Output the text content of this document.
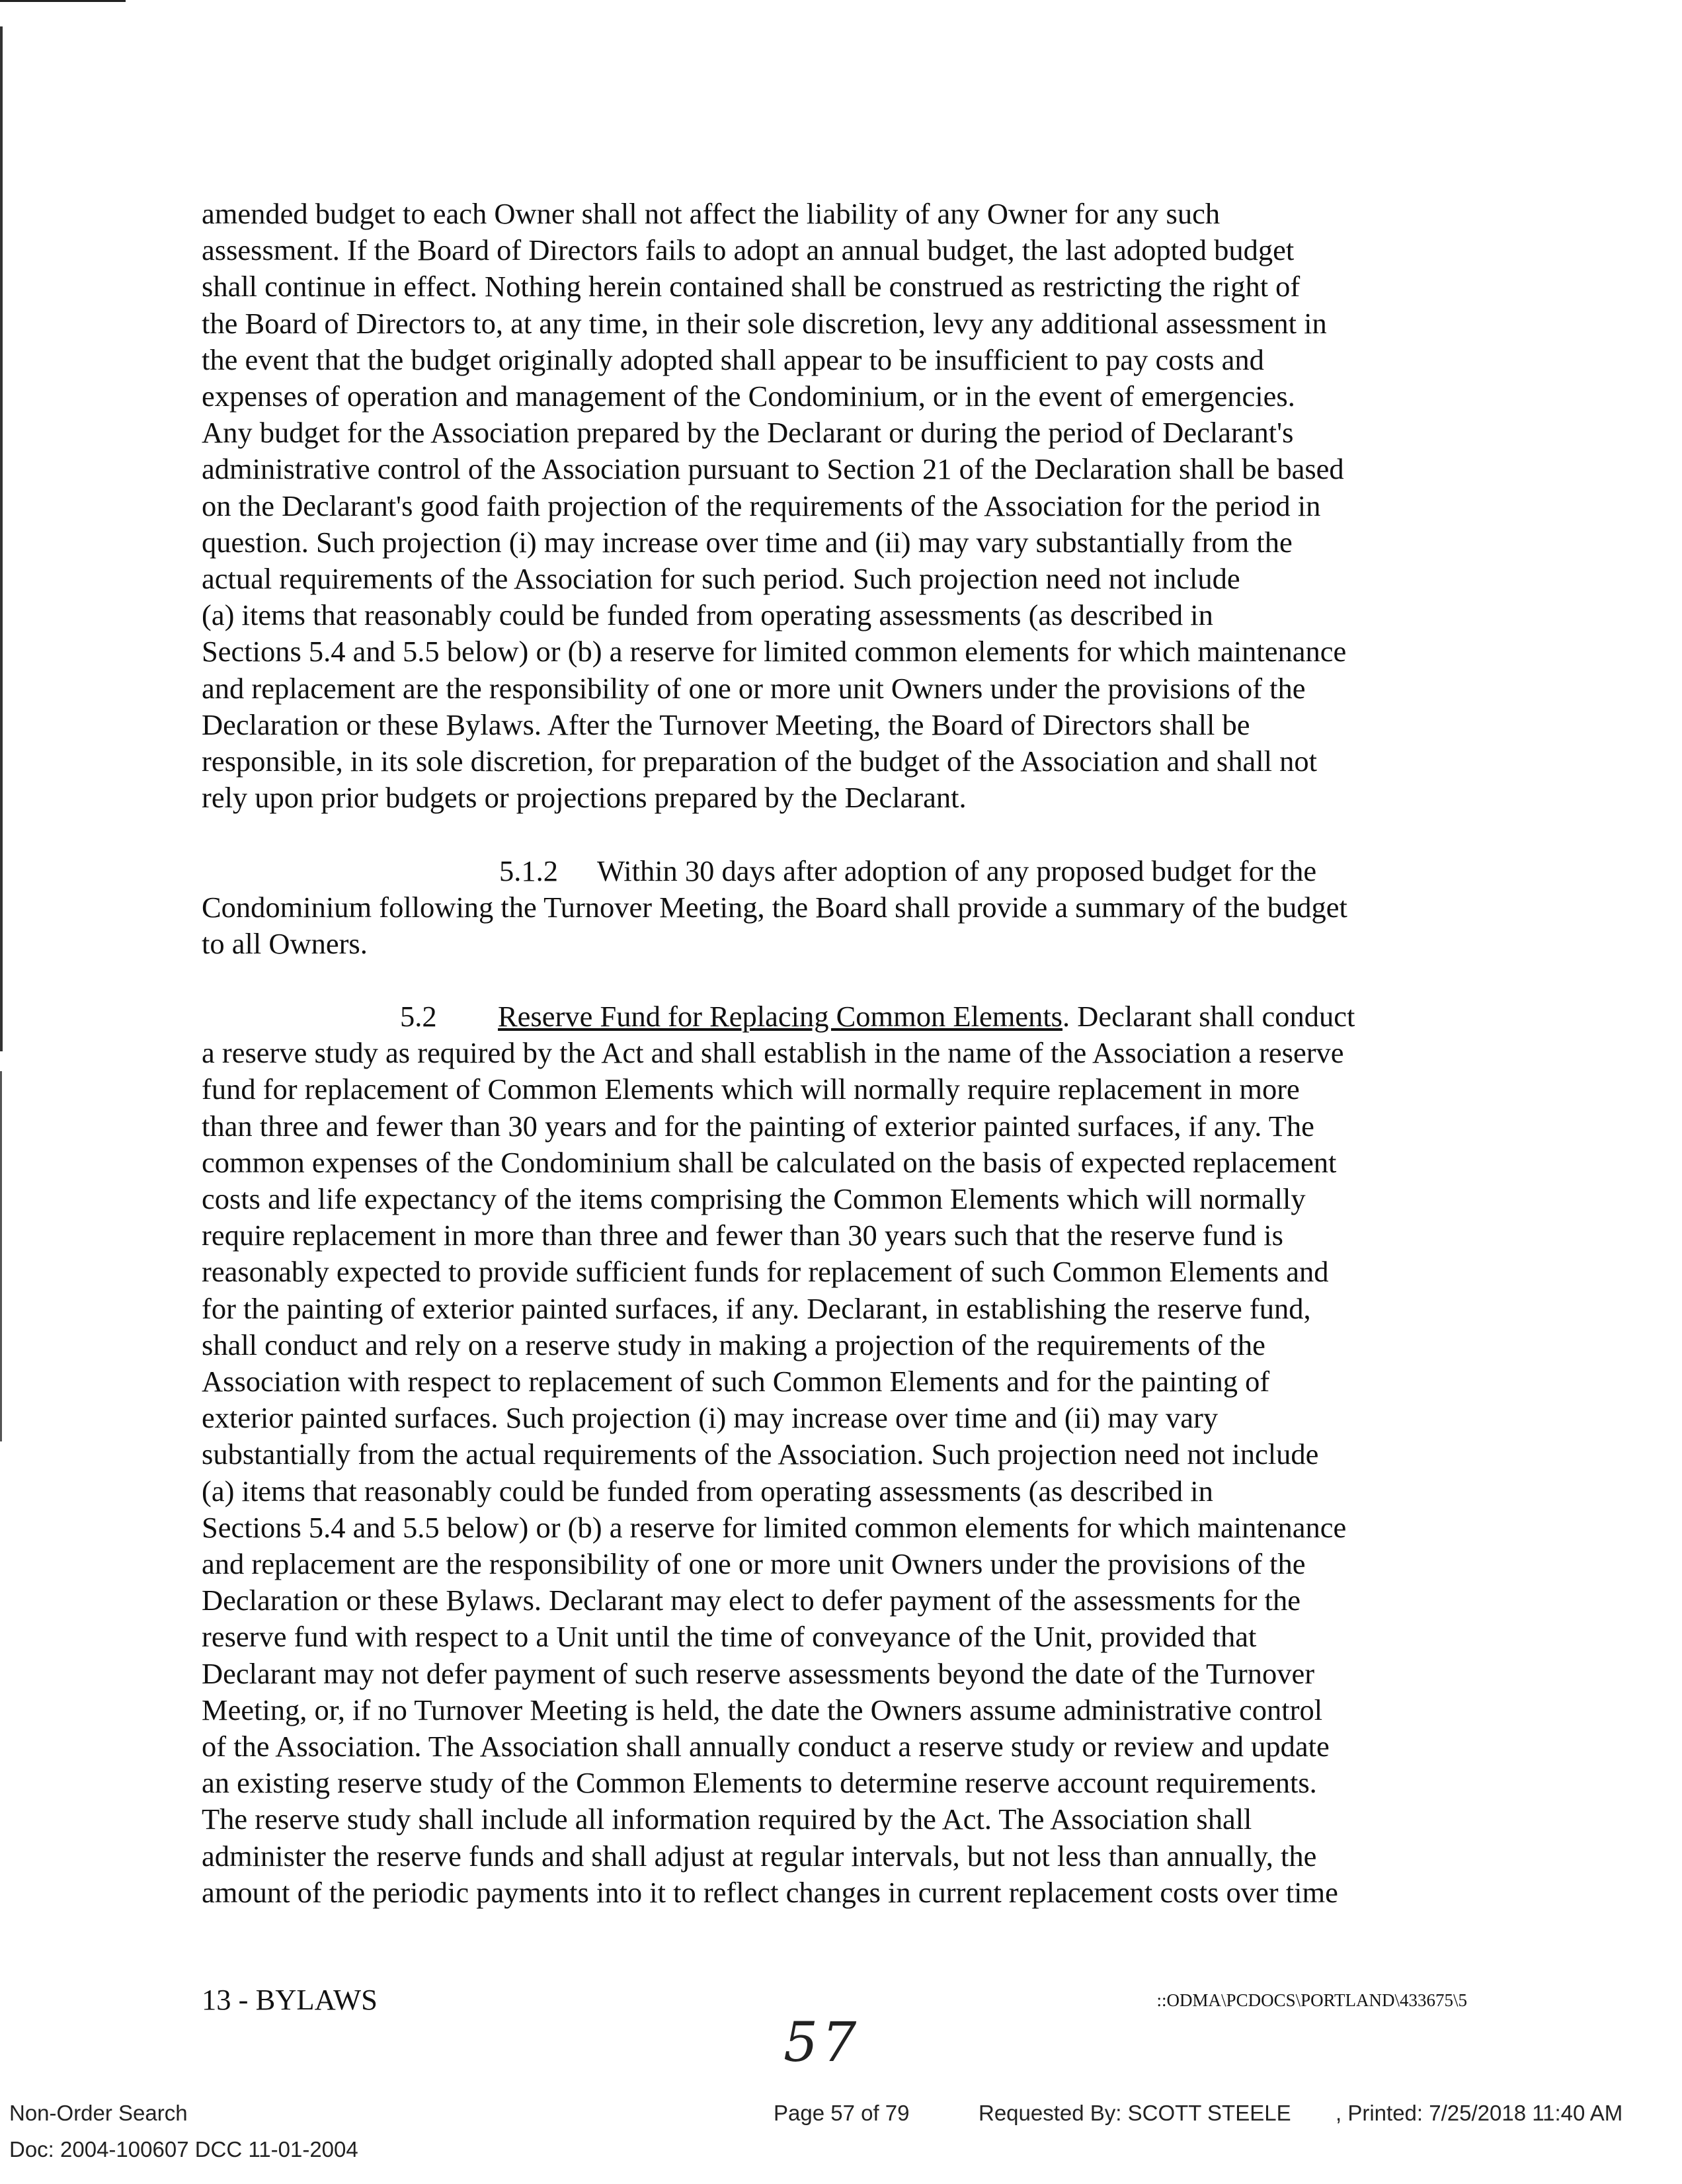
amended budget to each Owner shall not affect the liability of any Owner for any such
assessment. If the Board of Directors fails to adopt an annual budget, the last adopted budget
shall continue in effect. Nothing herein contained shall be construed as restricting the right of
the Board of Directors to, at any time, in their sole discretion, levy any additional assessment in
the event that the budget originally adopted shall appear to be insufficient to pay costs and
expenses of operation and management of the Condominium, or in the event of emergencies.
Any budget for the Association prepared by the Declarant or during the period of Declarant's
administrative control of the Association pursuant to Section 21 of the Declaration shall be based
on the Declarant's good faith projection of the requirements of the Association for the period in
question. Such projection (i) may increase over time and (ii) may vary substantially from the
actual requirements of the Association for such period. Such projection need not include
(a) items that reasonably could be funded from operating assessments (as described in
Sections 5.4 and 5.5 below) or (b) a reserve for limited common elements for which maintenance
and replacement are the responsibility of one or more unit Owners under the provisions of the
Declaration or these Bylaws. After the Turnover Meeting, the Board of Directors shall be
responsible, in its sole discretion, for preparation of the budget of the Association and shall not
rely upon prior budgets or projections prepared by the Declarant.
5.1.2 Within 30 days after adoption of any proposed budget for the
Condominium following the Turnover Meeting, the Board shall provide a summary of the budget
to all Owners.
5.2 Reserve Fund for Replacing Common Elements. Declarant shall conduct
a reserve study as required by the Act and shall establish in the name of the Association a reserve
fund for replacement of Common Elements which will normally require replacement in more
than three and fewer than 30 years and for the painting of exterior painted surfaces, if any. The
common expenses of the Condominium shall be calculated on the basis of expected replacement
costs and life expectancy of the items comprising the Common Elements which will normally
require replacement in more than three and fewer than 30 years such that the reserve fund is
reasonably expected to provide sufficient funds for replacement of such Common Elements and
for the painting of exterior painted surfaces, if any. Declarant, in establishing the reserve fund,
shall conduct and rely on a reserve study in making a projection of the requirements of the
Association with respect to replacement of such Common Elements and for the painting of
exterior painted surfaces. Such projection (i) may increase over time and (ii) may vary
substantially from the actual requirements of the Association. Such projection need not include
(a) items that reasonably could be funded from operating assessments (as described in
Sections 5.4 and 5.5 below) or (b) a reserve for limited common elements for which maintenance
and replacement are the responsibility of one or more unit Owners under the provisions of the
Declaration or these Bylaws. Declarant may elect to defer payment of the assessments for the
reserve fund with respect to a Unit until the time of conveyance of the Unit, provided that
Declarant may not defer payment of such reserve assessments beyond the date of the Turnover
Meeting, or, if no Turnover Meeting is held, the date the Owners assume administrative control
of the Association. The Association shall annually conduct a reserve study or review and update
an existing reserve study of the Common Elements to determine reserve account requirements.
The reserve study shall include all information required by the Act. The Association shall
administer the reserve funds and shall adjust at regular intervals, but not less than annually, the
amount of the periodic payments into it to reflect changes in current replacement costs over time
13 - BYLAWS	::ODMA\PCDOCS\PORTLAND\433675\5
57
Non-Order Search
Doc: 2004-100607 DCC 11-01-2004
Page 57 of 79	Requested By: SCOTT STEELE , Printed: 7/25/2018 11:40 AM
